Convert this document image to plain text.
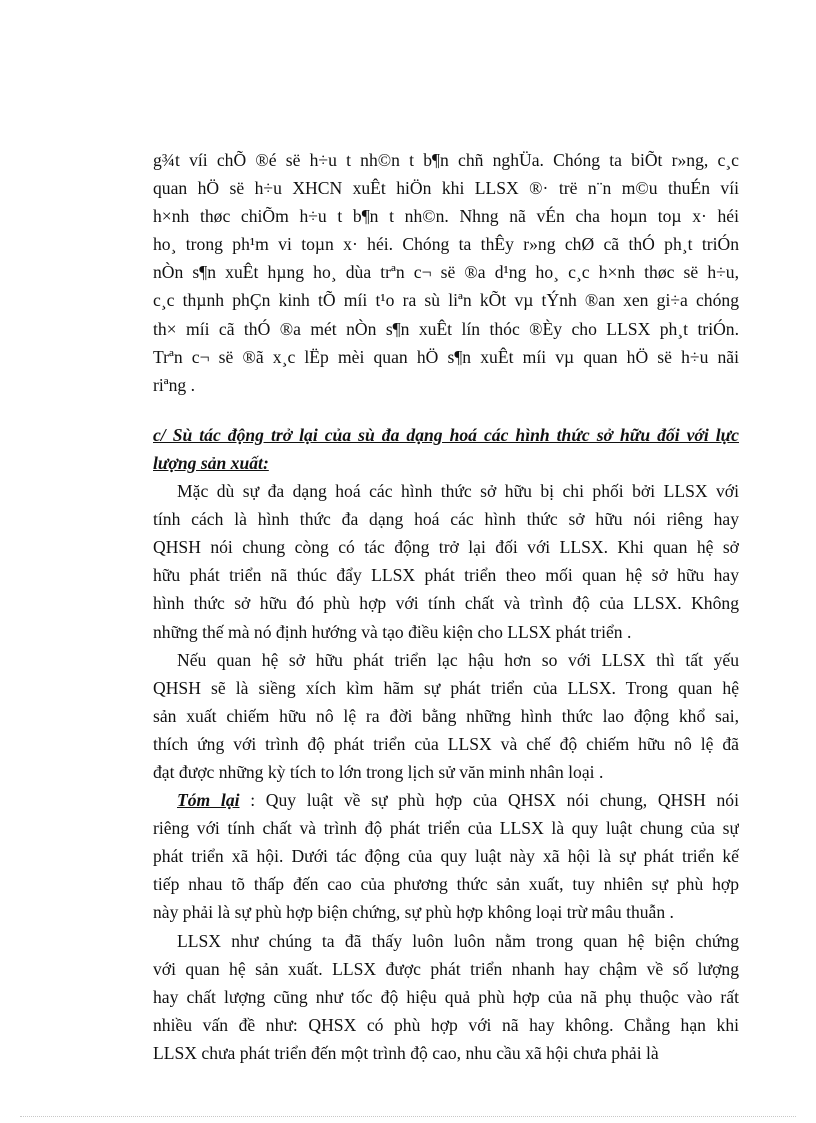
g¾t víi chÕ ®é së h÷u t nh©n t b¶n chñ nghÜa. Chóng ta biÕt r»ng, c¸c
quan hÖ së h÷u XHCN xuÊt hiÖn khi LLSX ®· trë n¨n m©u thuÉn víi
h×nh thøc chiÕm h÷u t b¶n t nh©n. Nhng nã vÉn cha hoµn toµ x· héi
ho¸ trong ph¹m vi toµn x· héi. Chóng ta thÊy r»ng chØ cã thÓ ph¸t triÓn
nÒn s¶n xuÊt hµng ho¸ dùa trªn c¬ së ®a d¹ng ho¸ c¸c h×nh thøc së h÷u,
c¸c thµnh phÇn kinh tÕ míi t¹o ra sù liªn kÕt vµ tÝnh ®an xen gi÷a chóng
th× míi cã thÓ ®a mét nÒn s¶n xuÊt lín thóc ®Èy cho LLSX ph¸t triÓn.
Trªn c¬ së ®ã x¸c lËp mèi quan hÖ s¶n xuÊt míi vµ quan hÖ së h÷u nãi
riªng .
c/ Sù tác động trở lại của sù đa dạng hoá các hình thức sở hữu đối với lực
lượng sản xuất:
Mặc dù sự đa dạng hoá các hình thức sở hữu bị chi phối bởi LLSX với
tính cách là hình thức đa dạng hoá các hình thức sở hữu nói riêng hay
QHSH nói chung còng có tác động trở lại đối với LLSX. Khi quan hệ sở
hữu phát triển nã thúc đẩy LLSX phát triển theo mối quan hệ sở hữu hay
hình thức sở hữu đó phù hợp với tính chất và trình độ của LLSX. Không
những thế mà nó định hướng và tạo điều kiện cho LLSX phát triển .
Nếu quan hệ sở hữu phát triển lạc hậu hơn so với LLSX thì tất yếu
QHSH sẽ là siềng xích kìm hãm sự phát triển của LLSX. Trong quan hệ
sản xuất chiếm hữu nô lệ ra đời bằng những hình thức lao động khổ sai,
thích ứng với trình độ phát triển của LLSX và chế độ chiếm hữu nô lệ đã
đạt được những kỳ tích to lớn trong lịch sử văn minh nhân loại .
Tóm lại : Quy luật về sự phù hợp của QHSX nói chung, QHSH nói
riêng với tính chất và trình độ phát triển của LLSX là quy luật chung của sự
phát triển xã hội. Dưới tác động của quy luật này xã hội là sự phát triển kế
tiếp nhau tõ thấp đến cao của phương thức sản xuất, tuy nhiên sự phù hợp
này phải là sự phù hợp biện chứng, sự phù hợp không loại trừ mâu thuẫn .
LLSX như chúng ta đã thấy luôn luôn nằm trong quan hệ biện chứng
với quan hệ sản xuất. LLSX được phát triển nhanh hay chậm về số lượng
hay chất lượng cũng như tốc độ hiệu quả phù hợp của nã phụ thuộc vào rất
nhiều vấn đề như: QHSX có phù hợp với nã hay không. Chẳng hạn khi
LLSX chưa phát triển đến một trình độ cao, nhu cầu xã hội chưa phải là
